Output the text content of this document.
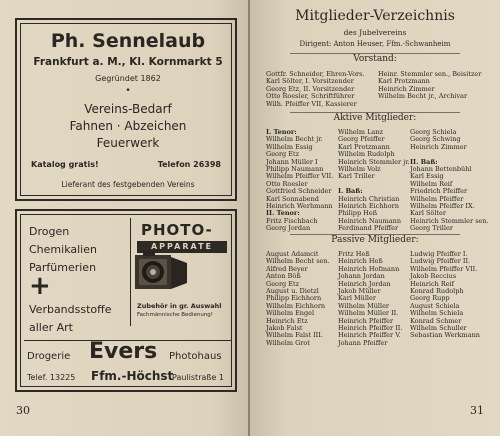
Ph. Sennelaub
Frankfurt a. M., Kl. Kornmarkt 5
Gegründet 1862
•
Vereins-Bedarf
Fahnen · Abzeichen
Feuerwerk
Katalog gratis!	Telefon 26398
Lieferant des festgebenden Vereins
Drogen
Chemikalien
Parfümerien
+
Verbandsstoffe
aller Art
PHOTO-
APPARATE
Zubehör in gr. Auswahl
Fachmännische Bedienung!
Drogerie Evers Photohaus
Telef. 13225 Ffm.-Höchst
Paulistraße 1
30
Mitglieder-Verzeichnis
des Jubelvereins
Dirigent: Anton Heuser, Ffm.-Schwanheim
Vorstand:
Gottfr. Schneider, Ehren-Vors.
Karl Sölter, I. Vorsitzender
Georg Etz, II. Vorsitzender
Otto Roesler, Schriftführer
Wilh. Pfeiffer VII, Kassierer
Heinr. Stemmler sen., Beisitzer
Karl Protzmann
Heinrich Zimmer
Wilhelm Becht jr., Archivar
Aktive Mitglieder:
I. Tenor:
Wilhelm Becht jr.
Wilhelm Essig
Georg Etz
Johann Müller I
Philipp Naumann
Wilhelm Pfeiffer VII.
Otto Roesler
Gottfried Schneider
Karl Sonnabend
Heinrich Werhmann
II. Tenor:
Fritz Fischbach
Georg Jordan
Wilhelm Lanz
Georg Pfeiffer
Karl Protzmann
Wilhelm Rudolph
Heinrich Stemmler jr.
Wilhelm Volz
Karl Triller
I. Baß:
Heinrich Christian
Heinrich Eichhorn
Philipp Heß
Heinrich Naumann
Ferdinand Pfeiffer
Georg Schiela
Georg Schwing
Heinrich Zimmer
II. Baß:
Johann Bettenbühl
Karl Essig
Wilhelm Reif
Friedrich Pfeiffer
Wilhelm Pfeiffer
Wilhelm Pfeiffer IX.
Karl Sölter
Heinrich Stemmler sen.
Georg Triller
Passive Mitglieder:
August Adamcit
Wilhelm Becht sen.
Alfred Beyer
Anton Böß
Georg Etz
August u. Dietzl
Philipp Eichhorn
Wilhelm Eichhorn
Wilhelm Engel
Heinrich Etz
Jakob Falst
Wilhelm Falst III.
Wilhelm Grot
Fritz Heß
Heinrich Heß
Heinrich Hofmann
Johann Jordan
Heinrich Jordan
Jakob Müller
Karl Müller
Wilhelm Müller
Wilhelm Müller II.
Heinrich Pfeiffer
Heinrich Pfeiffer II.
Heinrich Pfeiffer V.
Johann Pfeiffer
Ludwig Pfeiffer I.
Ludwig Pfeiffer II.
Wilhelm Pfeiffer VII.
Jakob Reccius
Heinrich Reif
Konrad Rudolph
Georg Rupp
August Schiela
Wilhelm Schiela
Konrad Schmer
Wilhelm Schuller
Sebastian Werkmann
31
